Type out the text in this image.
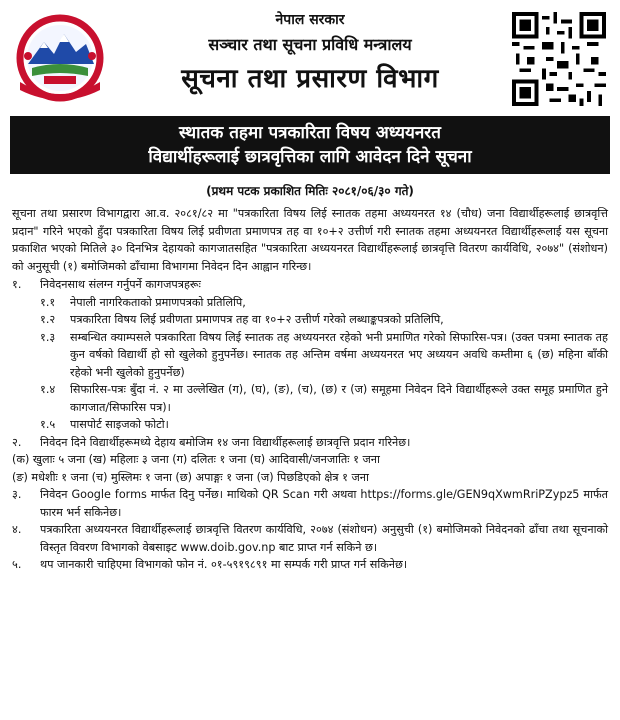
नेपाल सरकार
सञ्चार तथा सूचना प्रविधि मन्त्रालय
सूचना तथा प्रसारण विभाग
स्थातक तहमा पत्रकारिता विषय अध्ययनरत
विद्यार्थीहरूलाई छात्रवृत्तिका लागि आवेदन दिने सूचना
(प्रथम पटक प्रकाशित मितिः २०८१/०६/३० गते)

सूचना तथा प्रसारण विभागद्वारा आ.व. २०८१/८२ मा "पत्रकारिता विषय लिई स्नातक तहमा अध्ययनरत १४ (चौध) जना विद्यार्थीहरूलाई छात्रवृत्ति प्रदान" गरिने भएको हुँदा पत्रकारिता विषय लिई प्रवीणता प्रमाणपत्र तह वा १०+२ उत्तीर्ण गरी स्नातक तहमा अध्ययनरत विद्यार्थीहरूलाई यस सूचना प्रकाशित भएको मितिले ३० दिनभित्र देहायको कागजातसहित "पत्रकारिता अध्ययनरत विद्यार्थीहरूलाई छात्रवृत्ति वितरण कार्यविधि, २०७४" (संशोधन) को अनुसूची (१) बमोजिमको ढाँचामा विभागमा निवेदन दिन आह्वान गरिन्छ।

१.	निवेदनसाथ संलग्न गर्नुपर्ने कागजपत्रहरूः
१.१	नेपाली नागरिकताको प्रमाणपत्रको प्रतिलिपि,
१.२	पत्रकारिता विषय लिई प्रवीणता प्रमाणपत्र तह वा १०+२ उत्तीर्ण गरेको लब्धाङ्कपत्रको प्रतिलिपि,
१.३	सम्बन्धित क्याम्पसले पत्रकारिता विषय लिई स्नातक तह अध्ययनरत रहेको भनी प्रमाणित गरेको सिफारिस-पत्र। (उक्त पत्रमा स्नातक तह कुन वर्षको विद्यार्थी हो सो खुलेको हुनुपर्नेछ। स्नातक तह अन्तिम वर्षमा अध्ययनरत भए अध्ययन अवधि कम्तीमा ६ (छ) महिना बाँकी रहेको भनी खुलेको हुनुपर्नेछ)
१.४	सिफारिस-पत्रः बुँदा नं. २ मा उल्लेखित (ग), (घ), (ङ), (च), (छ) र (ज) समूहमा निवेदन दिने विद्यार्थीहरूले उक्त समूह प्रमाणित हुने कागजात/सिफारिस पत्र)।
१.५	पासपोर्ट साइजको फोटो।
२.	निवेदन दिने विद्यार्थीहरूमध्ये देहाय बमोजिम १४ जना विद्यार्थीहरूलाई छात्रवृत्ति प्रदान गरिनेछ।
(क) खुलाः ५ जना (ख) महिलाः ३ जना (ग) दलितः १ जना (घ) आदिवासी/जनजातिः १ जना
(ङ) मधेशीः १ जना (च) मुस्लिमः १ जना (छ) अपाङ्गः १ जना (ज) पिछडिएको क्षेत्र १ जना
३.	निवेदन Google forms मार्फत दिनु पर्नेछ। माथिको QR Scan गरी अथवा https://forms.gle/GEN9qXwmRriPZypz5 मार्फत फारम भर्न सकिनेछ।
४.	पत्रकारिता अध्ययनरत विद्यार्थीहरूलाई छात्रवृत्ति वितरण कार्यविधि, २०७४ (संशोधन) अनुसुची (१) बमोजिमको निवेदनको ढाँचा तथा सूचनाको विस्तृत विवरण विभागको वेबसाइट www.doib.gov.np बाट प्राप्त गर्न सकिने छ।
५.	थप जानकारी चाहिएमा विभागको फोन नं. ०१-५९१९८९१ मा सम्पर्क गरी प्राप्त गर्न सकिनेछ।
